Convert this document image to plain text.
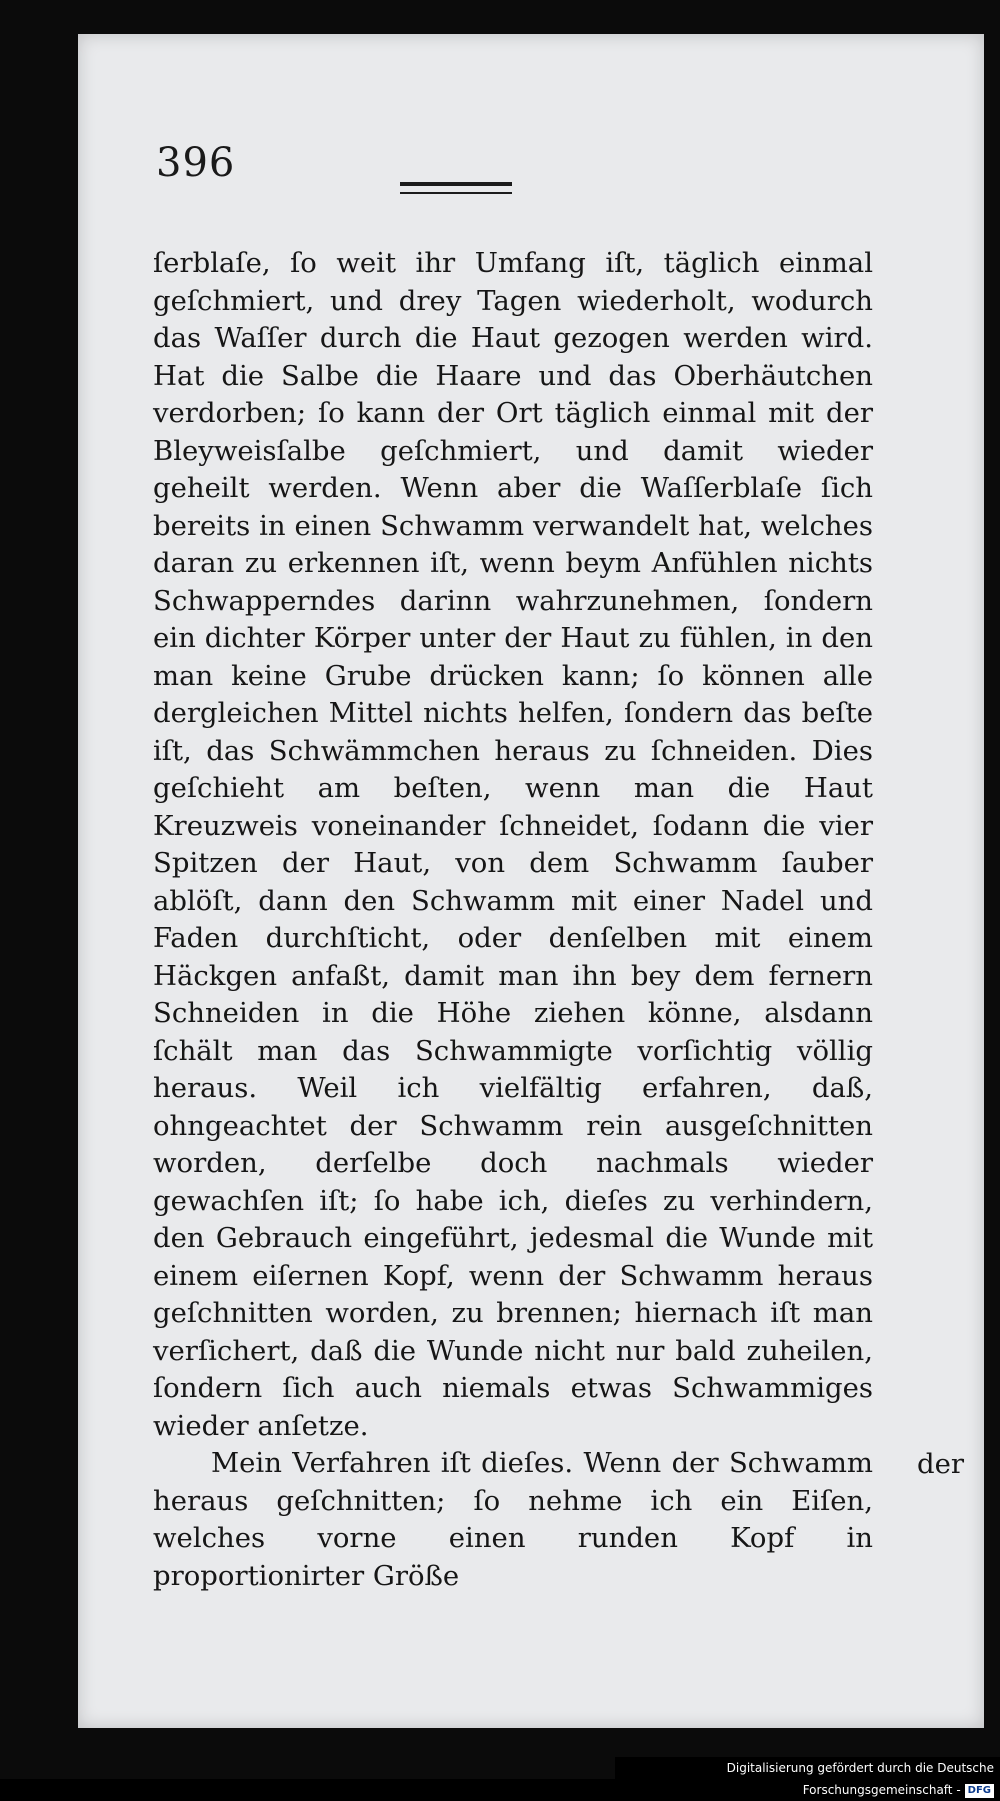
396

ſerblaſe, ſo weit ihr Umfang iſt, täglich einmal geſchmiert, und drey Tagen wiederholt, wodurch das Waſſer durch die Haut gezogen werden wird. Hat die Salbe die Haare und das Oberhäutchen verdorben; ſo kann der Ort täglich einmal mit der Bleyweisſalbe geſchmiert, und damit wieder geheilt werden. Wenn aber die Waſſerblaſe ſich bereits in einen Schwamm verwandelt hat, welches daran zu erkennen iſt, wenn beym Anfühlen nichts Schwapperndes darinn wahrzunehmen, ſondern ein dichter Körper unter der Haut zu fühlen, in den man keine Grube drücken kann; ſo können alle dergleichen Mittel nichts helfen, ſondern das beſte iſt, das Schwämmchen heraus zu ſchneiden. Dies geſchieht am beſten, wenn man die Haut Kreuzweis voneinander ſchneidet, ſodann die vier Spitzen der Haut, von dem Schwamm ſauber ablöſt, dann den Schwamm mit einer Nadel und Faden durchſticht, oder denſelben mit einem Häckgen anfaßt, damit man ihn bey dem fernern Schneiden in die Höhe ziehen könne, alsdann ſchält man das Schwammigte vorſichtig völlig heraus. Weil ich vielfältig erfahren, daß, ohngeachtet der Schwamm rein ausgeſchnitten worden, derſelbe doch nachmals wieder gewachſen iſt; ſo habe ich, dieſes zu verhindern, den Gebrauch eingeführt, jedesmal die Wunde mit einem eiſernen Kopf, wenn der Schwamm heraus geſchnitten worden, zu brennen; hiernach iſt man verſichert, daß die Wunde nicht nur bald zuheilen, ſondern ſich auch niemals etwas Schwammiges wieder anſetze.

Mein Verfahren iſt dieſes. Wenn der Schwamm heraus geſchnitten; ſo nehme ich ein Eiſen, welches vorne einen runden Kopf in proportionirter Größe

der
Digitalisierung gefördert durch die Deutsche Forschungsgemeinschaft - DFG
